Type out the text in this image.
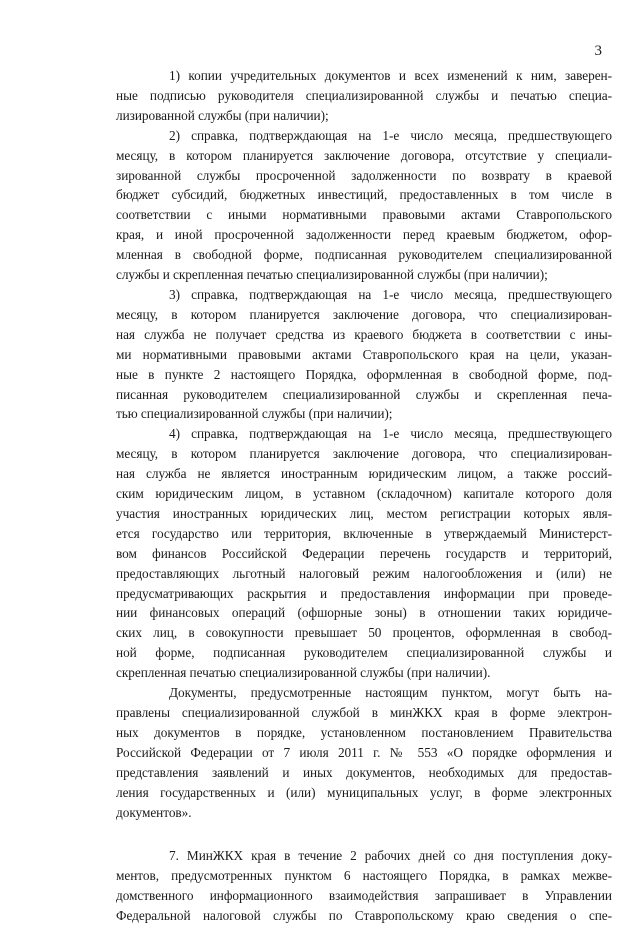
3

1) копии учредительных документов и всех изменений к ним, заверен-
ные подписью руководителя специализированной службы и печатью специа-
лизированной службы (при наличии);

2) справка, подтверждающая на 1-е число месяца, предшествующего
месяцу, в котором планируется заключение договора, отсутствие у специали-
зированной службы просроченной задолженности по возврату в краевой
бюджет субсидий, бюджетных инвестиций, предоставленных в том числе в
соответствии с иными нормативными правовыми актами Ставропольского
края, и иной просроченной задолженности перед краевым бюджетом, офор-
мленная в свободной форме, подписанная руководителем специализированной
службы и скрепленная печатью специализированной службы (при наличии);

3) справка, подтверждающая на 1-е число месяца, предшествующего
месяцу, в котором планируется заключение договора, что специализирован-
ная служба не получает средства из краевого бюджета в соответствии с ины-
ми нормативными правовыми актами Ставропольского края на цели, указан-
ные в пункте 2 настоящего Порядка, оформленная в свободной форме, под-
писанная руководителем специализированной службы и скрепленная печа-
тью специализированной службы (при наличии);

4) справка, подтверждающая на 1-е число месяца, предшествующего
месяцу, в котором планируется заключение договора, что специализирован-
ная служба не является иностранным юридическим лицом, а также россий-
ским юридическим лицом, в уставном (складочном) капитале которого доля
участия иностранных юридических лиц, местом регистрации которых явля-
ется государство или территория, включенные в утверждаемый Министерст-
вом финансов Российской Федерации перечень государств и территорий,
предоставляющих льготный налоговый режим налогообложения и (или) не
предусматривающих раскрытия и предоставления информации при проведе-
нии финансовых операций (офшорные зоны) в отношении таких юридиче-
ских лиц, в совокупности превышает 50 процентов, оформленная в свобод-
ной форме, подписанная руководителем специализированной службы и
скрепленная печатью специализированной службы (при наличии).

Документы, предусмотренные настоящим пунктом, могут быть на-
правлены специализированной службой в минЖКХ края в форме электрон-
ных документов в порядке, установленном постановлением Правительства
Российской Федерации от 7 июля 2011 г. № 553 «О порядке оформления и
представления заявлений и иных документов, необходимых для предостав-
ления государственных и (или) муниципальных услуг, в форме электронных
документов».

7. МинЖКХ края в течение 2 рабочих дней со дня поступления доку-
ментов, предусмотренных пунктом 6 настоящего Порядка, в рамках межве-
домственного информационного взаимодействия запрашивает в Управлении
Федеральной налоговой службы по Ставропольскому краю сведения о спе-
